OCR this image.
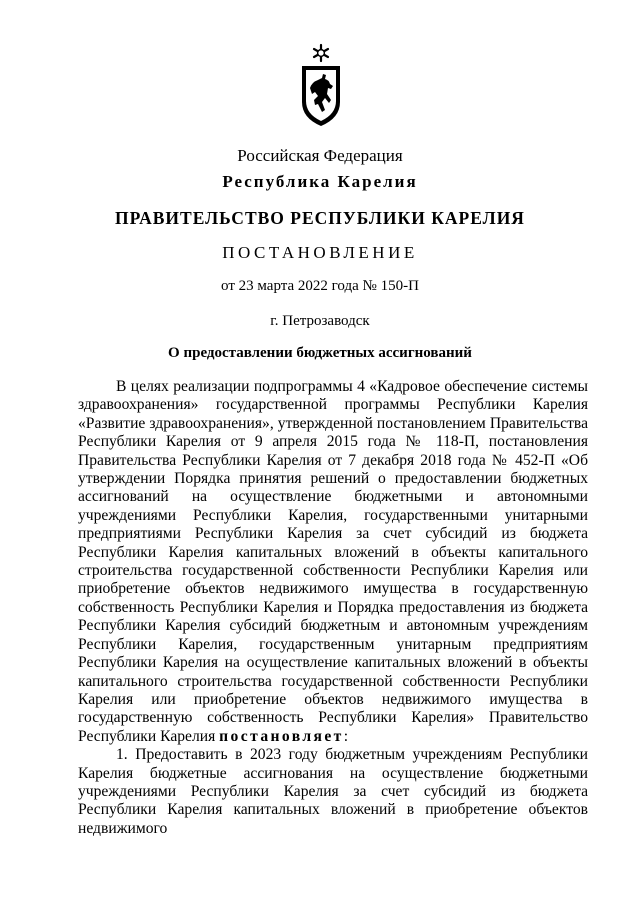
Российская Федерация
Республика Карелия
ПРАВИТЕЛЬСТВО РЕСПУБЛИКИ КАРЕЛИЯ
ПОСТАНОВЛЕНИЕ
от 23 марта 2022 года № 150-П
г. Петрозаводск
О предоставлении бюджетных ассигнований

В целях реализации подпрограммы 4 «Кадровое обеспечение системы здравоохранения» государственной программы Республики Карелия «Развитие здравоохранения», утвержденной постановлением Правительства Республики Карелия от 9 апреля 2015 года № 118-П, постановления Правительства Республики Карелия от 7 декабря 2018 года № 452-П «Об утверждении Порядка принятия решений о предоставлении бюджетных ассигнований на осуществление бюджетными и автономными учреждениями Республики Карелия, государственными унитарными предприятиями Республики Карелия за счет субсидий из бюджета Республики Карелия капитальных вложений в объекты капитального строительства государственной собственности Республики Карелия или приобретение объектов недвижимого имущества в государственную собственность Республики Карелия и Порядка предоставления из бюджета Республики Карелия субсидий бюджетным и автономным учреждениям Республики Карелия, государственным унитарным предприятиям Республики Карелия на осуществление капитальных вложений в объекты капитального строительства государственной собственности Республики Карелия или приобретение объектов недвижимого имущества в государственную собственность Республики Карелия» Правительство Республики Карелия постановляет:

1. Предоставить в 2023 году бюджетным учреждениям Республики Карелия бюджетные ассигнования на осуществление бюджетными учреждениями Республики Карелия за счет субсидий из бюджета Республики Карелия капитальных вложений в приобретение объектов недвижимого
